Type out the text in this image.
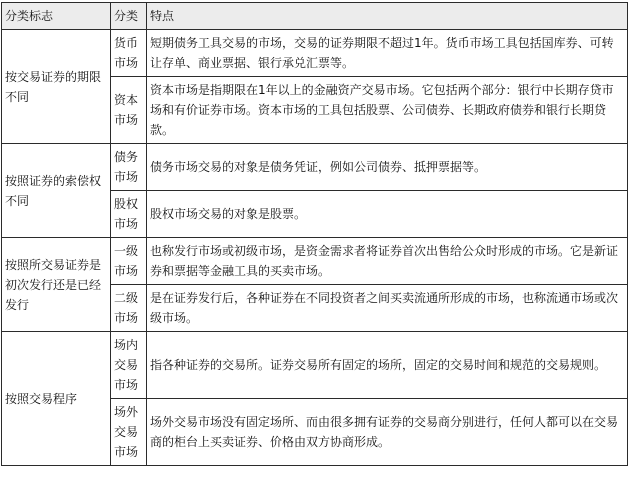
分类标志	分类	特点
按交易证券的期限不同	货币市场	短期债务工具交易的市场，交易的证券期限不超过1年。货币市场工具包括国库券、可转让存单、商业票据、银行承兑汇票等。
	资本市场	资本市场是指期限在1年以上的金融资产交易市场。它包括两个部分：银行中长期存贷市场和有价证券市场。资本市场的工具包括股票、公司债券、长期政府债券和银行长期贷款。
按照证券的索偿权不同	债务市场	债务市场交易的对象是债务凭证，例如公司债券、抵押票据等。
	股权市场	股权市场交易的对象是股票。
按照所交易证券是初次发行还是已经发行	一级市场	也称发行市场或初级市场，是资金需求者将证券首次出售给公众时形成的市场。它是新证券和票据等金融工具的买卖市场。
	二级市场	是在证券发行后，各种证券在不同投资者之间买卖流通所形成的市场，也称流通市场或次级市场。
按照交易程序	场内交易市场	指各种证券的交易所。证券交易所有固定的场所，固定的交易时间和规范的交易规则。
	场外交易市场	场外交易市场没有固定场所、而由很多拥有证券的交易商分别进行，任何人都可以在交易商的柜台上买卖证券、价格由双方协商形成。
